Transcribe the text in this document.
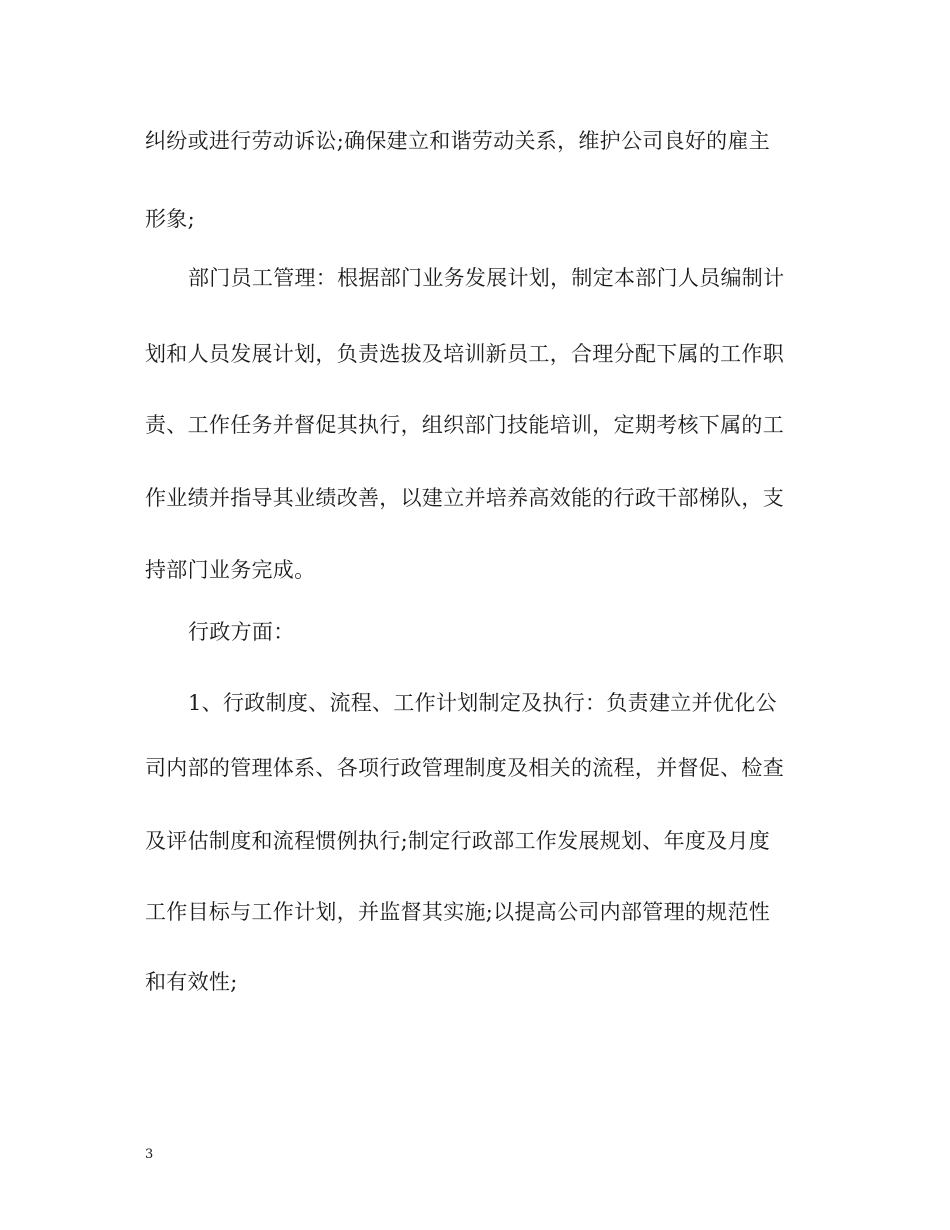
纠纷或进行劳动诉讼;确保建立和谐劳动关系，维护公司良好的雇主
形象;
部门员工管理：根据部门业务发展计划，制定本部门人员编制计
划和人员发展计划，负责选拔及培训新员工，合理分配下属的工作职
责、工作任务并督促其执行，组织部门技能培训，定期考核下属的工
作业绩并指导其业绩改善，以建立并培养高效能的行政干部梯队，支
持部门业务完成。
行政方面：
1、行政制度、流程、工作计划制定及执行：负责建立并优化公
司内部的管理体系、各项行政管理制度及相关的流程，并督促、检查
及评估制度和流程惯例执行;制定行政部工作发展规划、年度及月度
工作目标与工作计划，并监督其实施;以提高公司内部管理的规范性
和有效性;
3
